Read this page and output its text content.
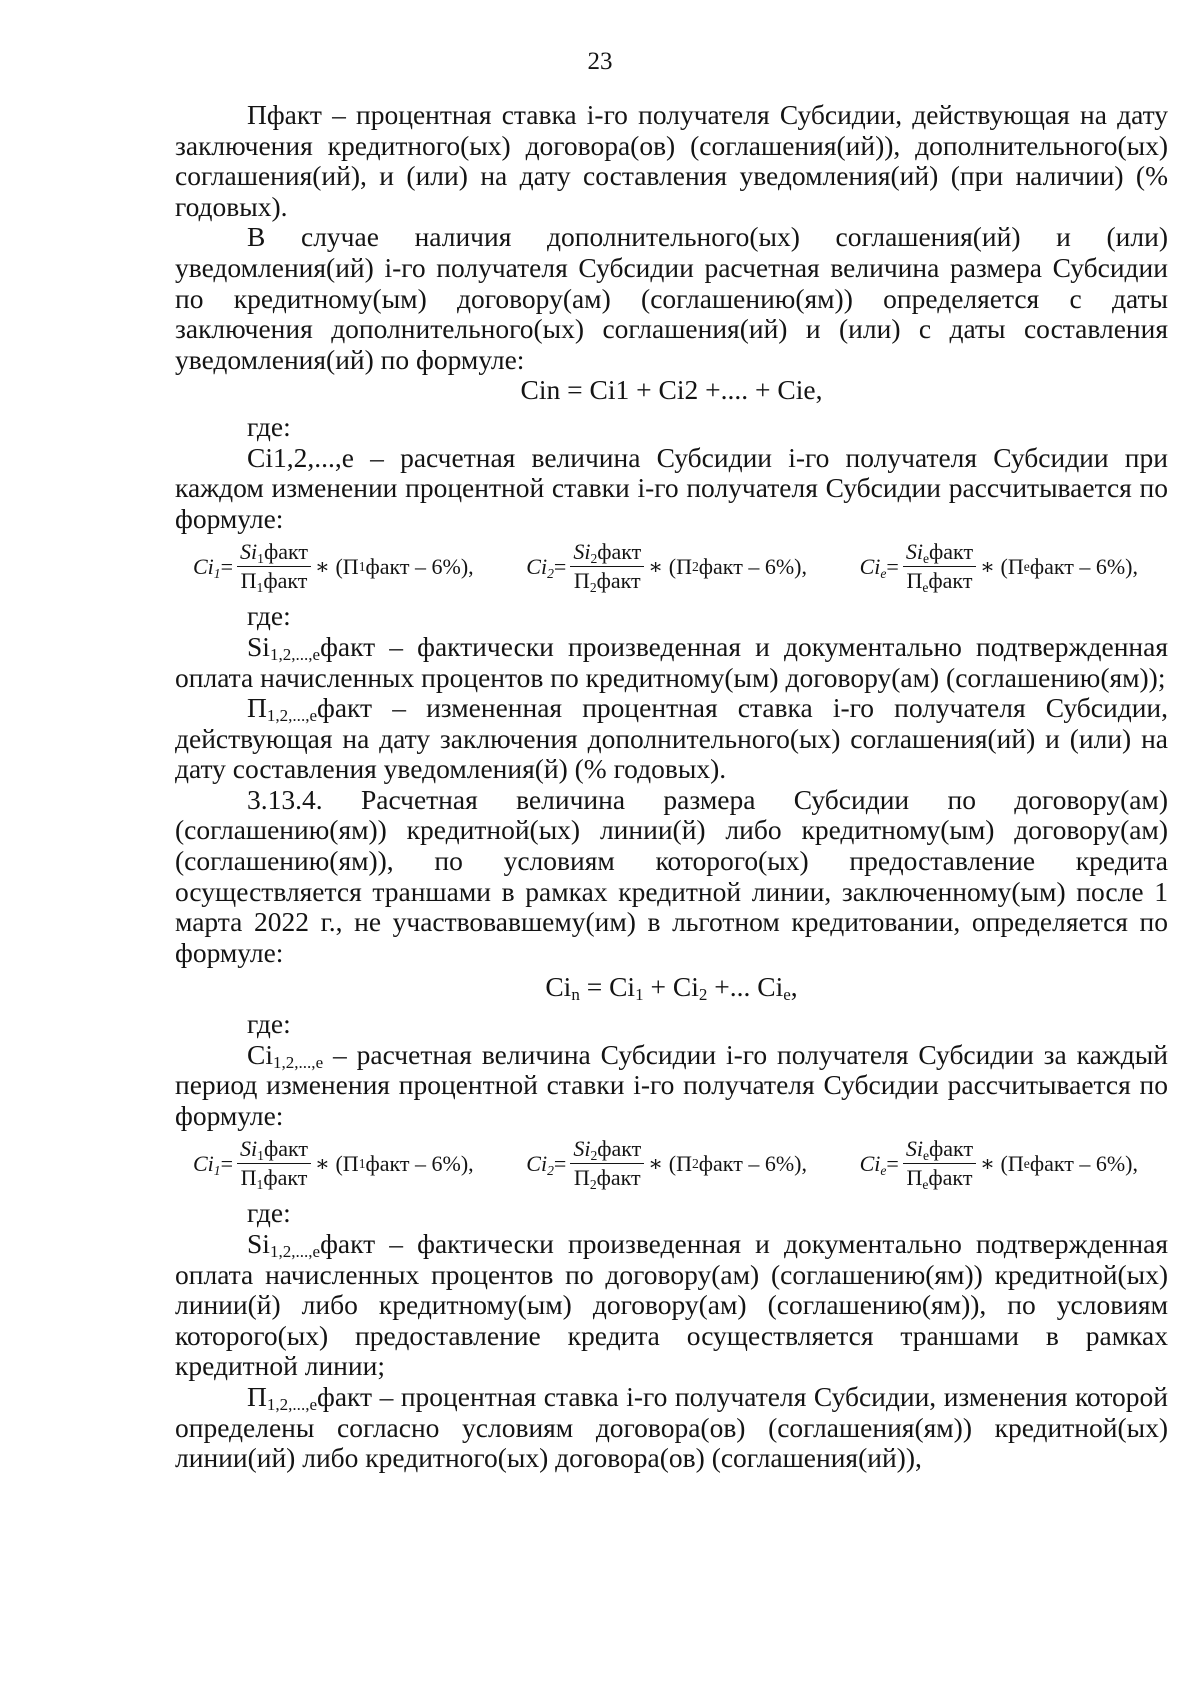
23

Пфакт – процентная ставка i-го получателя Субсидии, действующая на дату заключения кредитного(ых) договора(ов) (соглашения(ий)), дополнительного(ых) соглашения(ий), и (или) на дату составления уведомления(ий) (при наличии) (% годовых).

В случае наличия дополнительного(ых) соглашения(ий) и (или) уведомления(ий) i-го получателя Субсидии расчетная величина размера Субсидии по кредитному(ым) договору(ам) (соглашению(ям)) определяется с даты заключения дополнительного(ых) соглашения(ий) и (или) с даты составления уведомления(ий) по формуле:

Cin = Ci1 + Ci2 +.... + Cie,

где:

Ci1,2,...,e – расчетная величина Субсидии i-го получателя Субсидии при каждом изменении процентной ставки i-го получателя Субсидии рассчитывается по формуле:

$Ci_1 = \frac{Si_1факт}{П_1факт}$ ∗ (П 1 факт – 6%), $Ci_2 = \frac{Si_2факт}{П_2факт}$ ∗ (П 2 факт – 6%), $Ci_e = \frac{Si_eфакт}{П_eфакт}$ ∗ (П e факт – 6%),

где:

$Si_{1,2,...,e}факт$ – фактически произведенная и документально подтвержденная оплата начисленных процентов по кредитному(ым) договору(ам) (соглашению(ям));

$П_{1,2,...,e}факт$ – измененная процентная ставка i-го получателя Субсидии, действующая на дату заключения дополнительного(ых) соглашения(ий) и (или) на дату составления уведомления(й) (% годовых).

3.13.4. Расчетная величина размера Субсидии по договору(ам) (соглашению(ям)) кредитной(ых) линии(й) либо кредитному(ым) договору(ам) (соглашению(ям)), по условиям которого(ых) предоставление кредита осуществляется траншами в рамках кредитной линии, заключенному(ым) после 1 марта 2022 г., не участвовавшему(им) в льготном кредитовании, определяется по формуле:

$Ci_n = Ci_1 + Ci_2$ +... $Ci_e$,

где:

$Ci_{1,2,...,e}$ – расчетная величина Субсидии i-го получателя Субсидии за каждый период изменения процентной ставки i-го получателя Субсидии рассчитывается по формуле:

$Ci_1 = \frac{Si_1факт}{П_1факт}$ ∗ (П 1 факт – 6%), $Ci_2 = \frac{Si_2факт}{П_2факт}$ ∗ (П 2 факт – 6%), $Ci_e = \frac{Si_eфакт}{П_eфакт}$ ∗ (П e факт – 6%),

где:

$Si_{1,2,...,e}факт$ – фактически произведенная и документально подтвержденная оплата начисленных процентов по договору(ам) (соглашению(ям)) кредитной(ых) линии(й) либо кредитному(ым) договору(ам) (соглашению(ям)), по условиям которого(ых) предоставление кредита осуществляется траншами в рамках кредитной линии;

$П_{1,2,...,e}факт$ – процентная ставка i-го получателя Субсидии, изменения которой определены согласно условиям договора(ов) (соглашения(ям)) кредитной(ых) линии(ий) либо кредитного(ых) договора(ов) (соглашения(ий)),
